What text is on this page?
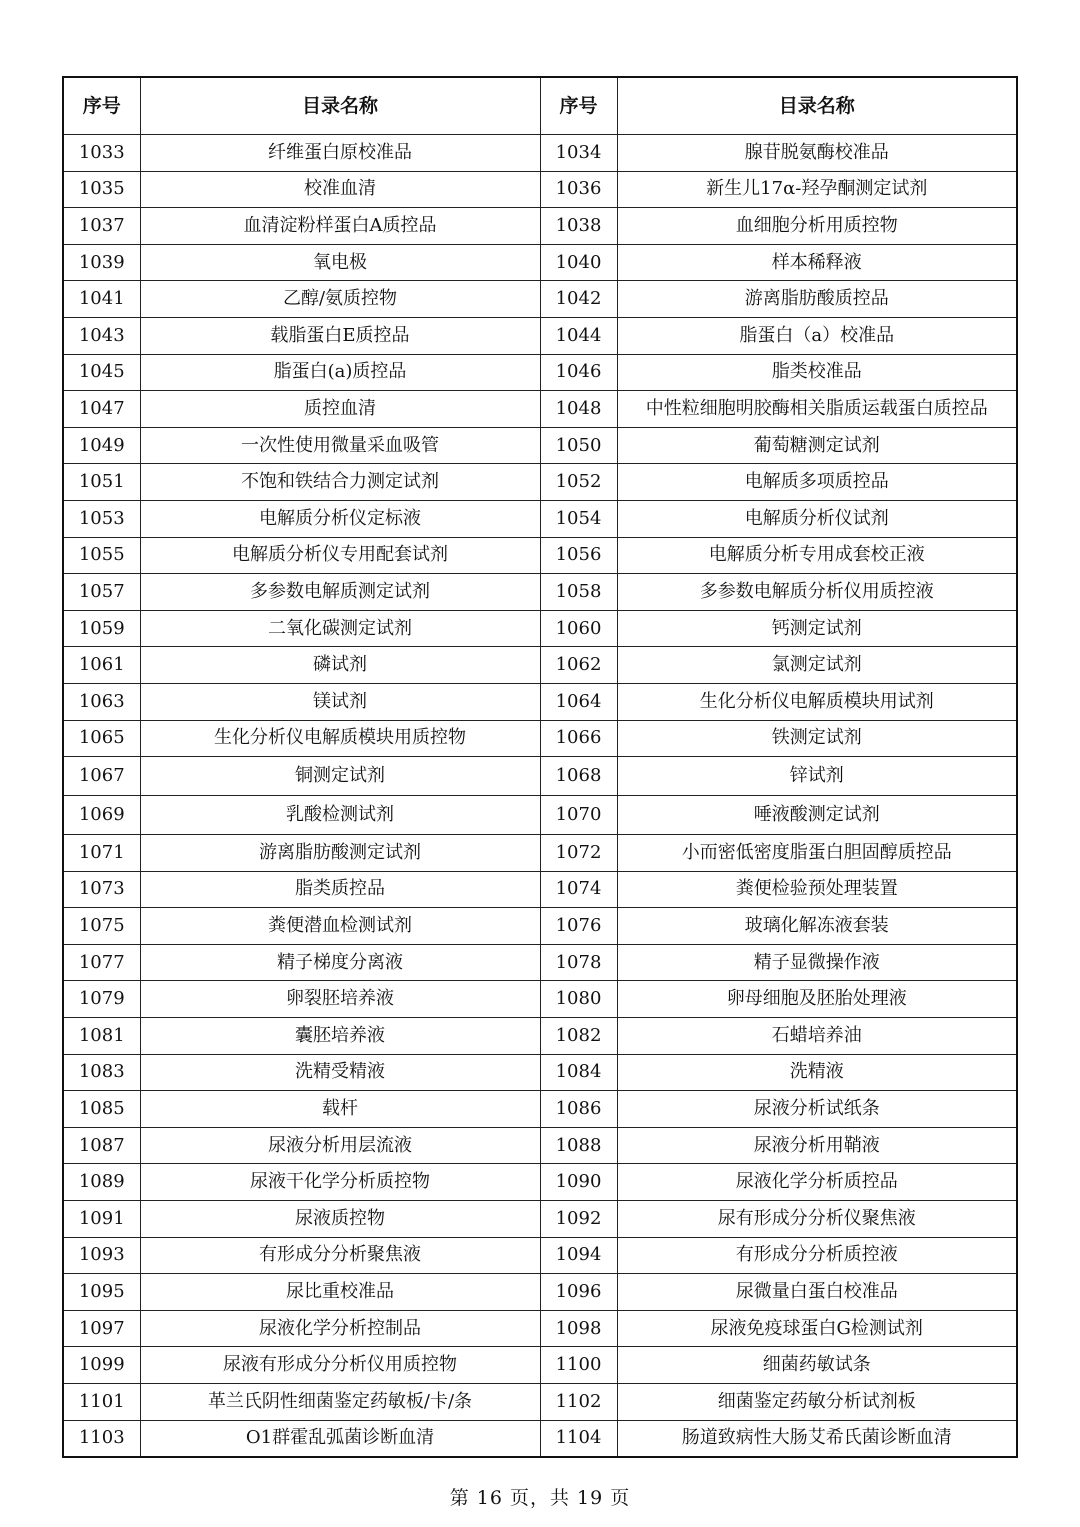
序号	目录名称	序号	目录名称
1033	纤维蛋白原校准品	1034	腺苷脱氨酶校准品
1035	校准血清	1036	新生儿17α-羟孕酮测定试剂
1037	血清淀粉样蛋白A质控品	1038	血细胞分析用质控物
1039	氧电极	1040	样本稀释液
1041	乙醇/氨质控物	1042	游离脂肪酸质控品
1043	载脂蛋白E质控品	1044	脂蛋白（a）校准品
1045	脂蛋白(a)质控品	1046	脂类校准品
1047	质控血清	1048	中性粒细胞明胶酶相关脂质运载蛋白质控品
1049	一次性使用微量采血吸管	1050	葡萄糖测定试剂
1051	不饱和铁结合力测定试剂	1052	电解质多项质控品
1053	电解质分析仪定标液	1054	电解质分析仪试剂
1055	电解质分析仪专用配套试剂	1056	电解质分析专用成套校正液
1057	多参数电解质测定试剂	1058	多参数电解质分析仪用质控液
1059	二氧化碳测定试剂	1060	钙测定试剂
1061	磷试剂	1062	氯测定试剂
1063	镁试剂	1064	生化分析仪电解质模块用试剂
1065	生化分析仪电解质模块用质控物	1066	铁测定试剂
1067	铜测定试剂	1068	锌试剂
1069	乳酸检测试剂	1070	唾液酸测定试剂
1071	游离脂肪酸测定试剂	1072	小而密低密度脂蛋白胆固醇质控品
1073	脂类质控品	1074	粪便检验预处理装置
1075	粪便潜血检测试剂	1076	玻璃化解冻液套装
1077	精子梯度分离液	1078	精子显微操作液
1079	卵裂胚培养液	1080	卵母细胞及胚胎处理液
1081	囊胚培养液	1082	石蜡培养油
1083	洗精受精液	1084	洗精液
1085	载杆	1086	尿液分析试纸条
1087	尿液分析用层流液	1088	尿液分析用鞘液
1089	尿液干化学分析质控物	1090	尿液化学分析质控品
1091	尿液质控物	1092	尿有形成分分析仪聚焦液
1093	有形成分分析聚焦液	1094	有形成分分析质控液
1095	尿比重校准品	1096	尿微量白蛋白校准品
1097	尿液化学分析控制品	1098	尿液免疫球蛋白G检测试剂
1099	尿液有形成分分析仪用质控物	1100	细菌药敏试条
1101	革兰氏阴性细菌鉴定药敏板/卡/条	1102	细菌鉴定药敏分析试剂板
1103	O1群霍乱弧菌诊断血清	1104	肠道致病性大肠艾希氏菌诊断血清
第 16 页，共 19 页
